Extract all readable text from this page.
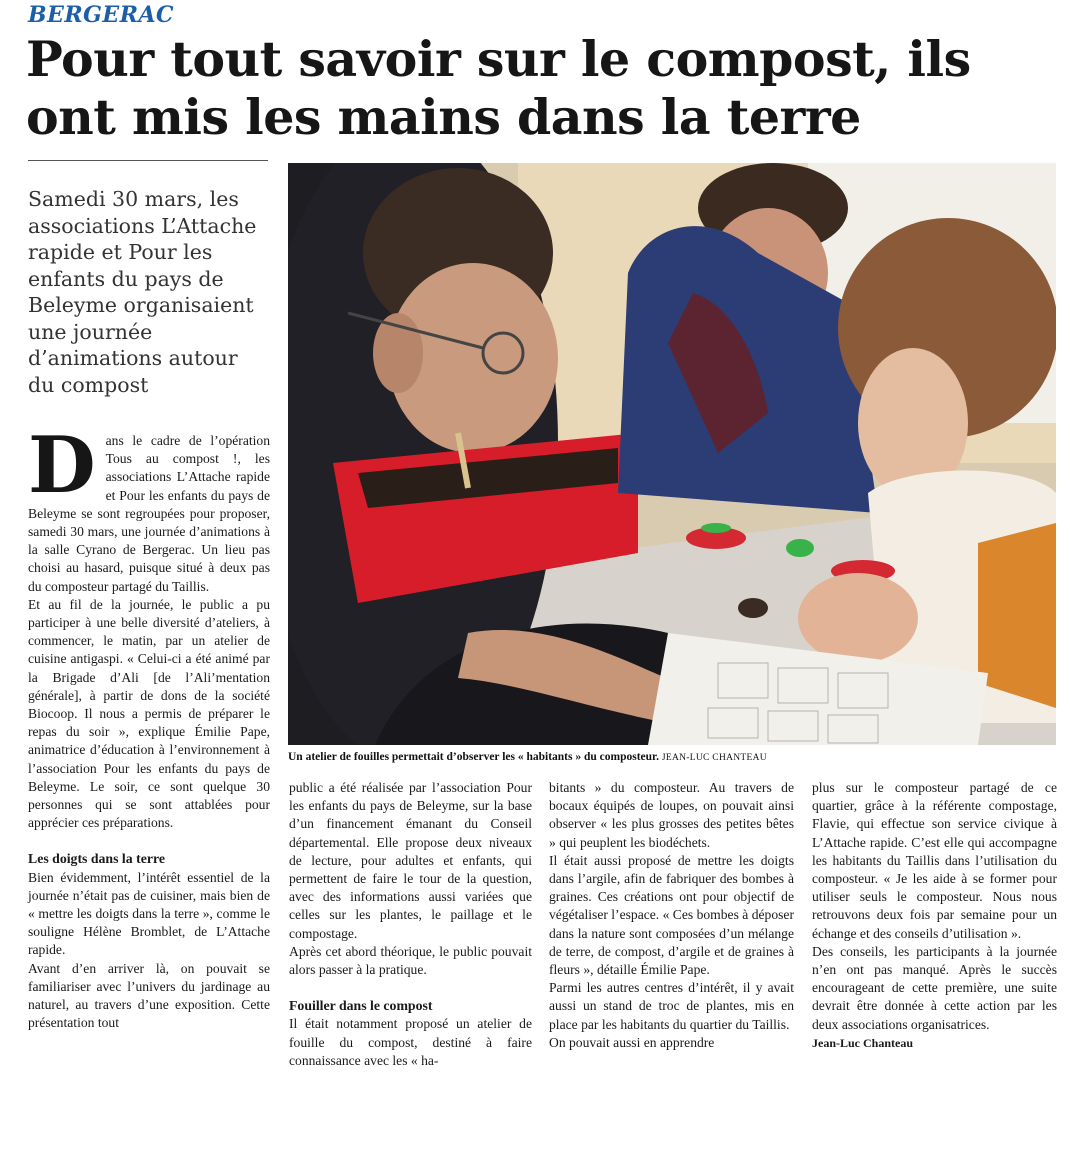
BERGERAC
Pour tout savoir sur le compost, ils ont mis les mains dans la terre
Samedi 30 mars, les associations L’Attache rapide et Pour les enfants du pays de Beleyme organisaient une journée d’animations autour du compost
Un atelier de fouilles permettait d’observer les « habitants » du composteur. JEAN-LUC CHANTEAU
D ans le cadre de l’opération Tous au compost !, les associations L’Attache rapide et Pour les enfants du pays de Beleyme se sont regroupées pour proposer, samedi 30 mars, une journée d’animations à la salle Cyrano de Bergerac. Un lieu pas choisi au hasard, puisque situé à deux pas du composteur partagé du Taillis.

Et au fil de la journée, le public a pu participer à une belle diversité d’ateliers, à commencer, le matin, par un atelier de cuisine antigaspi. « Celui-ci a été animé par la Brigade d’Ali [de l’Ali’mentation générale], à partir de dons de la société Biocoop. Il nous a permis de préparer le repas du soir », explique Émilie Pape, animatrice d’éducation à l’environnement à l’association Pour les enfants du pays de Beleyme. Le soir, ce sont quelque 30 personnes qui se sont attablées pour apprécier ces préparations.

Les doigts dans la terre

Bien évidemment, l’intérêt essentiel de la journée n’était pas de cuisiner, mais bien de « mettre les doigts dans la terre », comme le souligne Hélène Bromblet, de L’Attache rapide.

Avant d’en arriver là, on pouvait se familiariser avec l’univers du jardinage au naturel, au travers d’une exposition. Cette présentation tout

public a été réalisée par l’association Pour les enfants du pays de Beleyme, sur la base d’un financement émanant du Conseil départemental. Elle propose deux niveaux de lecture, pour adultes et enfants, qui permettent de faire le tour de la question, avec des informations aussi variées que celles sur les plantes, le paillage et le compostage.

Après cet abord théorique, le public pouvait alors passer à la pratique.

Fouiller dans le compost

Il était notamment proposé un atelier de fouille du compost, destiné à faire connaissance avec les « ha-

bitants » du composteur. Au travers de bocaux équipés de loupes, on pouvait ainsi observer « les plus grosses des petites bêtes » qui peuplent les biodéchets.

Il était aussi proposé de mettre les doigts dans l’argile, afin de fabriquer des bombes à graines. Ces créations ont pour objectif de végétaliser l’espace. « Ces bombes à déposer dans la nature sont composées d’un mélange de terre, de compost, d’argile et de graines à fleurs », détaille Émilie Pape.

Parmi les autres centres d’intérêt, il y avait aussi un stand de troc de plantes, mis en place par les habitants du quartier du Taillis.

On pouvait aussi en apprendre

plus sur le composteur partagé de ce quartier, grâce à la référente compostage, Flavie, qui effectue son service civique à L’Attache rapide. C’est elle qui accompagne les habitants du Taillis dans l’utilisation du composteur. « Je les aide à se former pour utiliser seuls le composteur. Nous nous retrouvons deux fois par semaine pour un échange et des conseils d’utilisation ».

Des conseils, les participants à la journée n’en ont pas manqué. Après le succès encourageant de cette première, une suite devrait être donnée à cette action par les deux associations organisatrices.

Jean-Luc Chanteau
